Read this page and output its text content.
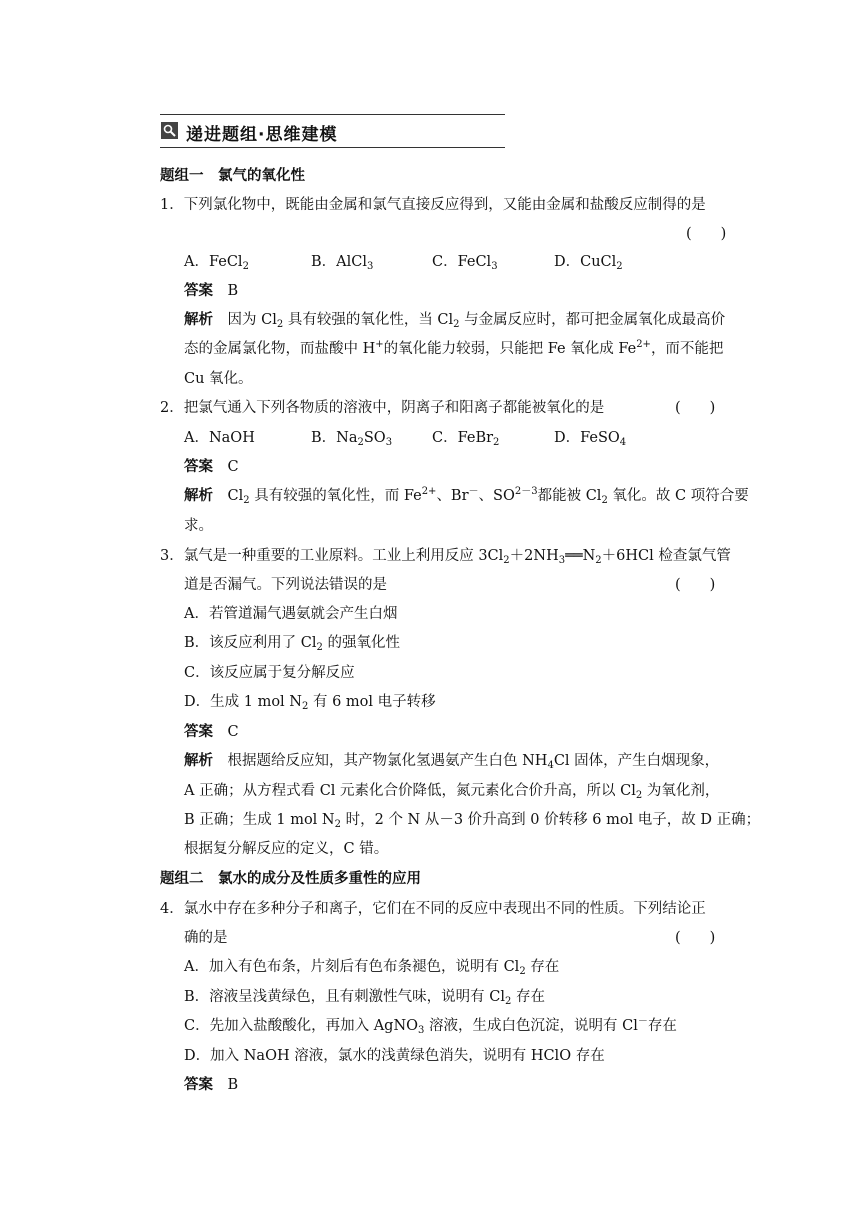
递进题组·思维建模
题组一　氯气的氧化性
1．下列氯化物中，既能由金属和氯气直接反应得到，又能由金属和盐酸反应制得的是
(　　)
A．FeCl$_2$	B．AlCl$_3$	C．FeCl$_3$	D．CuCl$_2$
答案　 B
解析　 因为 $Cl_2$ 具有较强的氧化性，当 $Cl_2$ 与金属反应时，都可把金属氧化成最高价
态的金属氯化物，而盐酸中 H+的氧化能力较弱，只能把 Fe 氧化成 $Fe^{2+}$，而不能把
Cu 氧化。
2．把氯气通入下列各物质的溶液中，阴离子和阳离子都能被氧化的是	(　　)
A．NaOH	B．$Na_2SO_3$	C．FeBr$_2$	D．FeSO$_4$
答案　 C
解析　 $Cl_2$ 具有较强的氧化性，而 $Fe^{2+}$、Br－、$SO^{2-3}$都能被 $Cl_2$ 氧化。故 C 项符合要
求。
3．氯气是一种重要的工业原料。工业上利用反应 $3Cl_2+2NH_3══N_2+6HCl$ 检查氯气管
道是否漏气。下列说法错误的是	(　　)
A．若管道漏气遇氨就会产生白烟
B．该反应利用了 $Cl_2$ 的强氧化性
C．该反应属于复分解反应
D．生成 1 mol $N_2$ 有 6 mol 电子转移
答案　 C
解析　 根据题给反应知，其产物氯化氢遇氨产生白色 $NH_4Cl$ 固体，产生白烟现象，
A 正确；从方程式看 Cl 元素化合价降低，氮元素化合价升高，所以 $Cl_2$ 为氧化剂，
B 正确；生成 1 mol $N_2$ 时，2 个 N 从－3 价升高到 0 价转移 6 mol 电子，故 D 正确；
根据复分解反应的定义，C 错。
题组二　氯水的成分及性质多重性的应用
4．氯水中存在多种分子和离子，它们在不同的反应中表现出不同的性质。下列结论正
确的是	(　　)
A．加入有色布条，片刻后有色布条褪色，说明有 $Cl_2$ 存在
B．溶液呈浅黄绿色，且有刺激性气味，说明有 $Cl_2$ 存在
C．先加入盐酸酸化，再加入 AgNO$_3$ 溶液，生成白色沉淀，说明有 Cl－存在
D．加入 NaOH 溶液，氯水的浅黄绿色消失，说明有 HClO 存在
答案　 B
